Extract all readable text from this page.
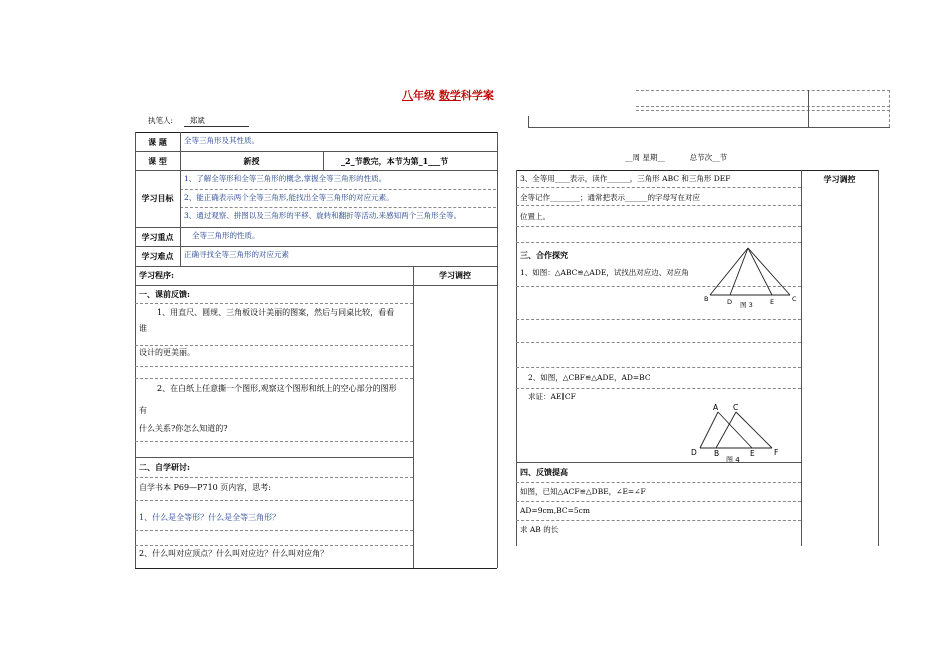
八年级 数学科学案
执笔人: 郑斌
课 题	全等三角形及其性质。
课 型	新授	_2_节教完，本节为第_1___节
学习目标
1、了解全等形和全等三角形的概念,掌握全等三角形的性质。
2、能正确表示两个全等三角形,能找出全等三角形的对应元素。
3、通过观察、拼图以及三角形的平移、旋转和翻折等活动,来感知两个三角形全等。
学习重点	全等三角形的性质。
学习难点	正确寻找全等三角形的对应元素
学习程序:	学习调控
一、课前反馈:
1、用直尺、圆规、三角板设计美丽的图案，然后与同桌比较，看看
谁
设计的更美丽。
2、在白纸上任意撕一个图形,观察这个图形和纸上的空心部分的图形
有
什么关系?你怎么知道的?
二、自学研讨:
自学书本 P69—P710 页内容，思考:
1、什么是全等形？什么是全等三角形？
2、什么叫对应顶点？什么叫对应边？什么叫对应角？
__周 星期__	总节次__节
学习调控
3、全等用____表示，读作______，三角形 ABC 和三角形 DEF
全等记作________；通常把表示______的字母写在对应
位置上。
三、合作探究
1、如图：△ABC≌△ADE，试找出对应边、对应角
B	D	E	C
图 3
2、如图，△CBF≌△ADE，AD=BC
求证：AE∥CF
A C
D B	E	F
图 4
四、反馈提高
如图，已知△ACF≌△DBE，∠E=∠F
AD=9cm,BC=5cm
求 AB 的长
